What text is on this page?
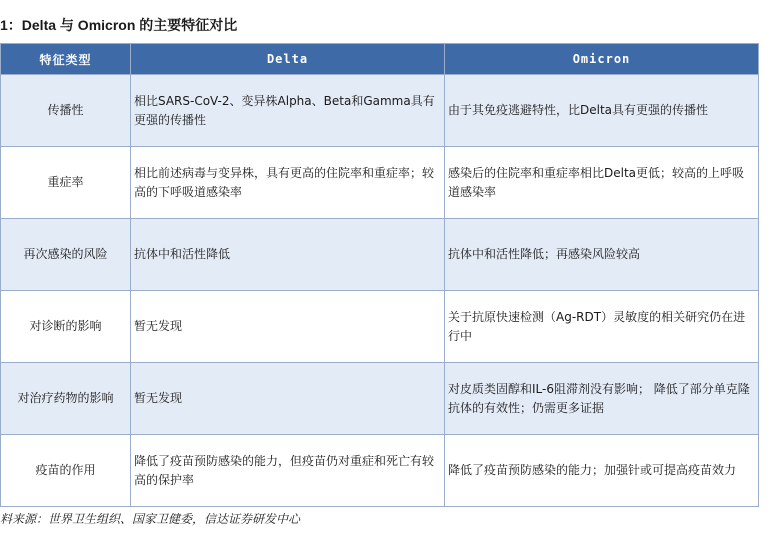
1：Delta 与 Omicron 的主要特征对比
特征类型	Delta	Omicron
传播性	相比SARS-CoV-2、变异株Alpha、Beta和Gamma具有更强的传播性	由于其免疫逃避特性，比Delta具有更强的传播性
重症率	相比前述病毒与变异株，具有更高的住院率和重症率；较高的下呼吸道感染率	感染后的住院率和重症率相比Delta更低；较高的上呼吸道感染率
再次感染的风险	抗体中和活性降低	抗体中和活性降低；再感染风险较高
对诊断的影响	暂无发现	关于抗原快速检测（Ag-RDT）灵敏度的相关研究仍在进行中
对治疗药物的影响	暂无发现	对皮质类固醇和IL-6阻滞剂没有影响； 降低了部分单克隆抗体的有效性；仍需更多证据
疫苗的作用	降低了疫苗预防感染的能力，但疫苗仍对重症和死亡有较高的保护率	降低了疫苗预防感染的能力；加强针或可提高疫苗效力
料来源：世界卫生组织、国家卫健委，信达证券研发中心
